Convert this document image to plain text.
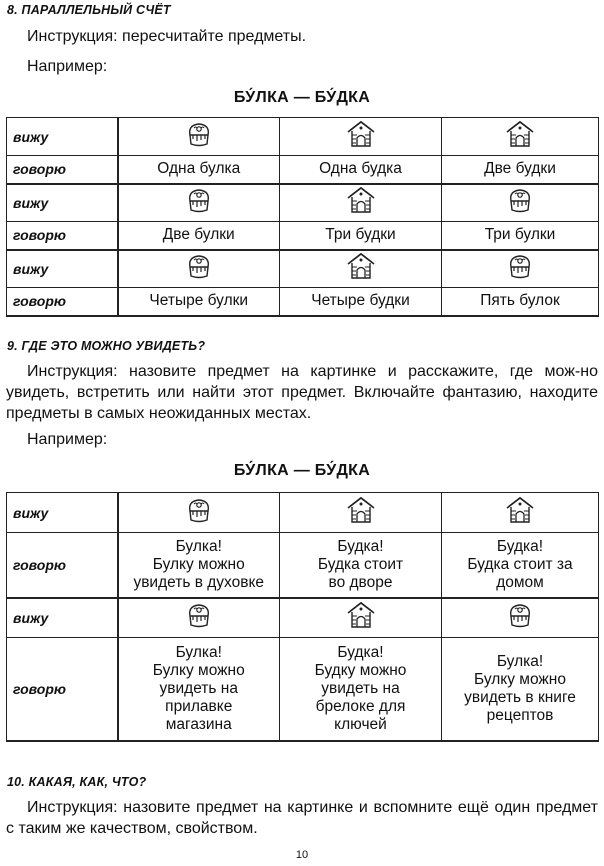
8. ПАРАЛЛЕЛЬНЫЙ СЧЁТ
Инструкция: пересчитайте предметы.
Например:
БУ́ЛКА — БУ́ДКА
вижу			
говорю	Одна булка	Одна будка	Две будки
вижу			
говорю	Две булки	Три будки	Три булки
вижу			
говорю	Четыре булки	Четыре будки	Пять булок
9. ГДЕ ЭТО МОЖНО УВИДЕТЬ?
Инструкция: назовите предмет на картинке и расскажите, где мож-но увидеть, встретить или найти этот предмет. Включайте фантазию, находите предметы в самых неожиданных местах.
Например:
БУ́ЛКА — БУ́ДКА
вижу			
говорю	Булка!
Булку можно
увидеть в духовке	Будка!
Будка стоит
во дворе	Будка!
Будка стоит за
домом

вижу			
говорю	Булка!
Булку можно
увидеть на
прилавке
магазина	Будка!
Будку можно
увидеть на
брелоке для
ключей	Булка!
Булку можно
увидеть в книге
рецептов
10. КАКАЯ, КАК, ЧТО?
Инструкция: назовите предмет на картинке и вспомните ещё один предмет с таким же качеством, свойством.
10
